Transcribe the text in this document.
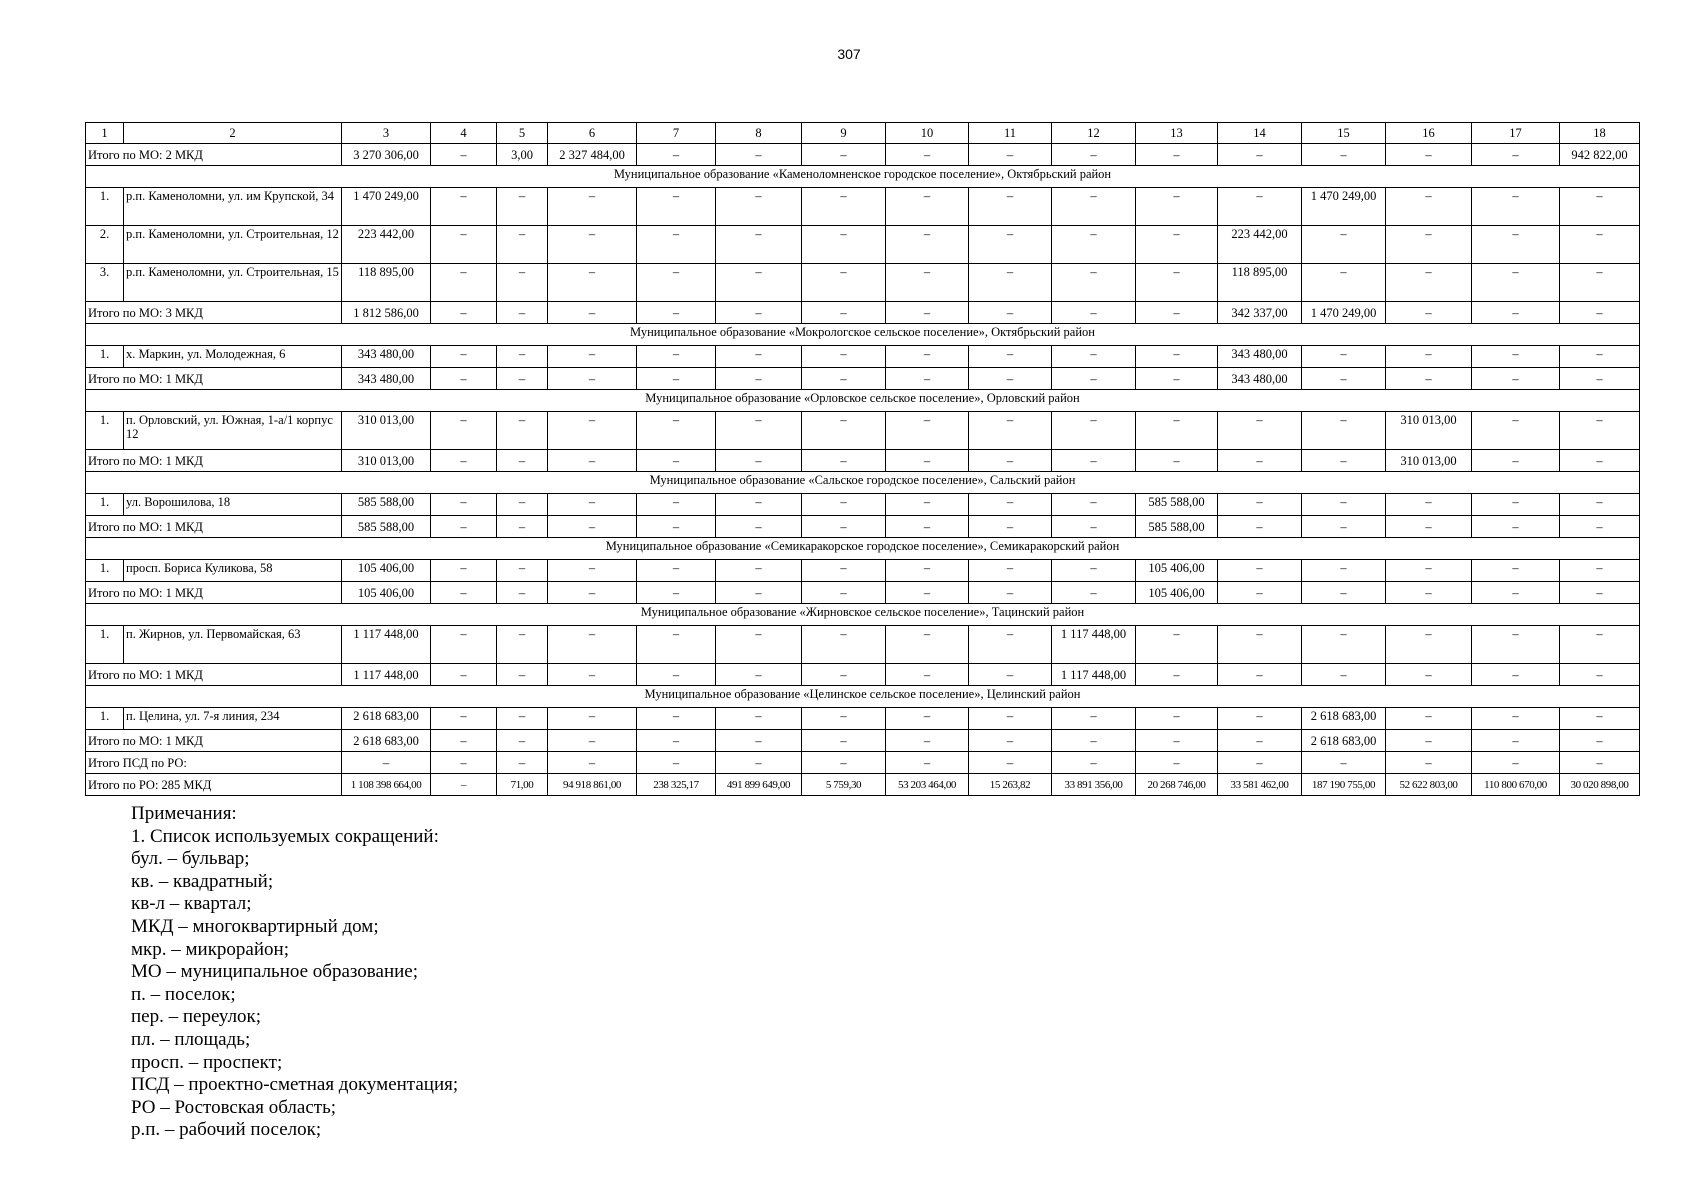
307
1	2	3	4	5	6	7	8	9	10	11	12	13	14	15	16	17	18
Итого по МО: 2 МКД		3 270 306,00	–	3,00	2 327 484,00	–	–	–	–	–	–	–	–	–	–	–	942 822,00
Муниципальное образование «Каменоломненское городское поселение», Октябрьский район																	
1.	р.п. Каменоломни, ул. им Крупской, 34	1 470 249,00	–	–	–	–	–	–	–	–	–	–	–	1 470 249,00	–	–	–
2.	р.п. Каменоломни, ул. Строительная, 12	223 442,00	–	–	–	–	–	–	–	–	–	–	223 442,00	–	–	–	–
3.	р.п. Каменоломни, ул. Строительная, 15	118 895,00	–	–	–	–	–	–	–	–	–	–	118 895,00	–	–	–	–
Итого по МО: 3 МКД		1 812 586,00	–	–	–	–	–	–	–	–	–	–	342 337,00	1 470 249,00	–	–	–
Муниципальное образование «Мокрологское сельское поселение», Октябрьский район																	
1.	х. Маркин, ул. Молодежная, 6	343 480,00	–	–	–	–	–	–	–	–	–	–	343 480,00	–	–	–	–
Итого по МО: 1 МКД		343 480,00	–	–	–	–	–	–	–	–	–	–	343 480,00	–	–	–	–
Муниципальное образование «Орловское сельское поселение», Орловский район																	
1.	п. Орловский, ул. Южная, 1-а/1 корпус 12	310 013,00	–	–	–	–	–	–	–	–	–	–	–	–	310 013,00	–	–
Итого по МО: 1 МКД		310 013,00	–	–	–	–	–	–	–	–	–	–	–	–	310 013,00	–	–
Муниципальное образование «Сальское городское поселение», Сальский район																	
1.	ул. Ворошилова, 18	585 588,00	–	–	–	–	–	–	–	–	–	585 588,00	–	–	–	–	–
Итого по МО: 1 МКД		585 588,00	–	–	–	–	–	–	–	–	–	585 588,00	–	–	–	–	–
Муниципальное образование «Семикаракорское городское поселение», Семикаракорский район																	
1.	просп. Бориса Куликова, 58	105 406,00	–	–	–	–	–	–	–	–	–	105 406,00	–	–	–	–	–
Итого по МО: 1 МКД		105 406,00	–	–	–	–	–	–	–	–	–	105 406,00	–	–	–	–	–
Муниципальное образование «Жирновское сельское поселение», Тацинский район																	
1.	п. Жирнов, ул. Первомайская, 63	1 117 448,00	–	–	–	–	–	–	–	–	1 117 448,00	–	–	–	–	–	–
Итого по МО: 1 МКД		1 117 448,00	–	–	–	–	–	–	–	–	1 117 448,00	–	–	–	–	–	–
Муниципальное образование «Целинское сельское поселение», Целинский район																	
1.	п. Целина, ул. 7-я линия, 234	2 618 683,00	–	–	–	–	–	–	–	–	–	–	–	2 618 683,00	–	–	–
Итого по МО: 1 МКД		2 618 683,00	–	–	–	–	–	–	–	–	–	–	–	2 618 683,00	–	–	–
Итого ПСД по РО:		–	–	–	–	–	–	–	–	–	–	–	–	–	–	–	–
Итого по РО: 285 МКД		1 108 398 664,00	–	71,00	94 918 861,00	238 325,17	491 899 649,00	5 759,30	53 203 464,00	15 263,82	33 891 356,00	20 268 746,00	33 581 462,00	187 190 755,00	52 622 803,00	110 800 670,00	30 020 898,00
Примечания:
1. Список используемых сокращений:
бул. – бульвар;
кв. – квадратный;
кв-л – квартал;
МКД – многоквартирный дом;
мкр. – микрорайон;
МО – муниципальное образование;
п. – поселок;
пер. – переулок;
пл. – площадь;
просп. – проспект;
ПСД – проектно-сметная документация;
РО – Ростовская область;
р.п. – рабочий поселок;
